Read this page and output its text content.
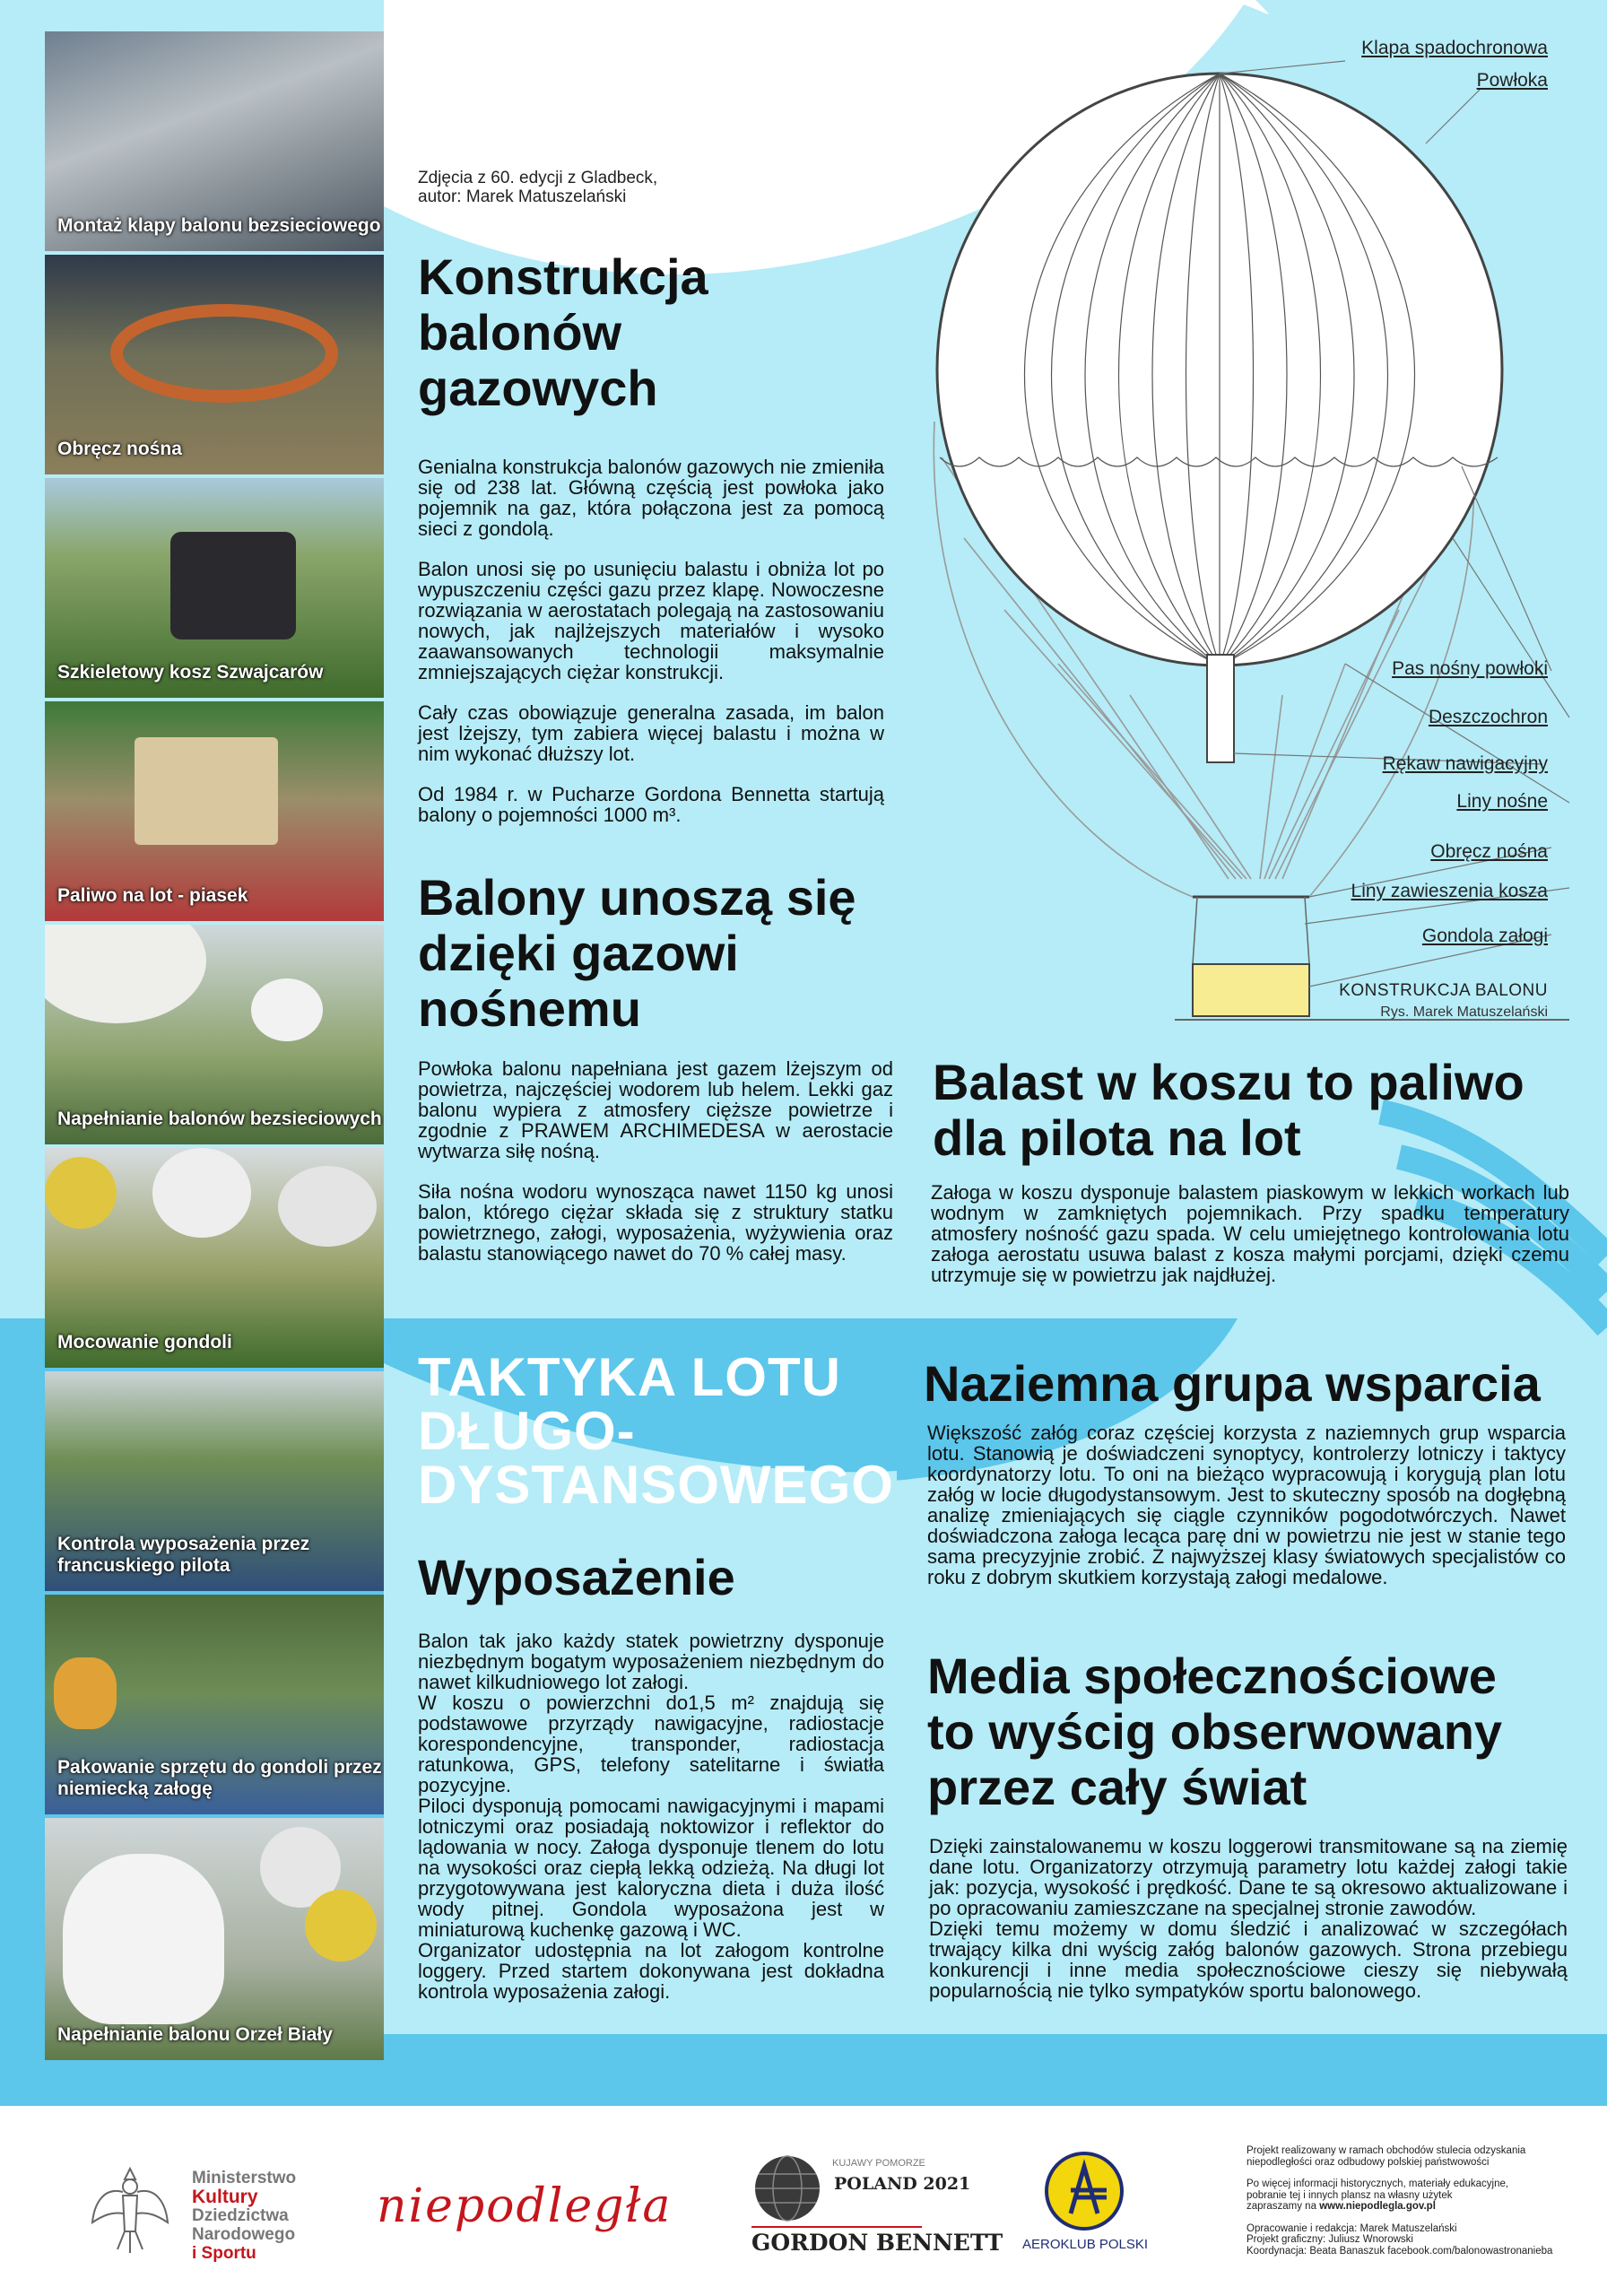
Montaż klapy balonu bezsieciowego
Obręcz nośna
Szkieletowy kosz Szwajcarów
Paliwo na lot - piasek
Napełnianie balonów bezsieciowych
Mocowanie gondoli
Kontrola wyposażenia przez francuskiego pilota
Pakowanie sprzętu do gondoli przez niemiecką załogę
Napełnianie balonu Orzeł Biały
TECHNIKA KULISTYCH
AEROSTATÓW
Zdjęcia z 60. edycji z Gladbeck,
autor: Marek Matuszelański
Konstrukcja
balonów
gazowych

Genialna konstrukcja balonów gazowych nie zmieniła się od 238 lat. Główną częścią jest powłoka jako pojemnik na gaz, która połączona jest za pomocą sieci z gondolą.

Balon unosi się po usunięciu balastu i obniża lot po wypuszczeniu części gazu przez klapę. Nowoczesne rozwiązania w aerostatach polegają na zastosowaniu nowych, jak najlżejszych materiałów i wysoko zaawansowanych technologii maksymalnie zmniejszających ciężar konstrukcji.

Cały czas obowiązuje generalna zasada, im balon jest lżejszy, tym zabiera więcej balastu i można w nim wykonać dłuższy lot.

Od 1984 r. w Pucharze Gordona Bennetta startują balony o pojemności 1000 m³.

Balony unoszą się
dzięki gazowi
nośnemu

Powłoka balonu napełniana jest gazem lżejszym od powietrza, najczęściej wodorem lub helem. Lekki gaz balonu wypiera z atmosfery cięższe powietrze i zgodnie z PRAWEM ARCHIMEDESA w aerostacie wytwarza siłę nośną.

Siła nośna wodoru wynosząca nawet 1150 kg unosi balon, którego ciężar składa się z struktury statku powietrznego, załogi, wyposażenia, wyżywienia oraz balastu stanowiącego nawet do 70 % całej masy.

Klapa spadochronowa
Powłoka
Pas nośny powłoki
Deszczochron
Rękaw nawigacyjny
Liny nośne
Obręcz nośna
Liny zawieszenia kosza
Gondola załogi
KONSTRUKCJA BALONU
Rys. Marek Matuszelański
Balast w koszu to paliwo
dla pilota na lot

Załoga w koszu dysponuje balastem piaskowym w lekkich workach lub wodnym w zamkniętych pojemnikach. Przy spadku temperatury atmosfery nośność gazu spada. W celu umiejętnego kontrolowania lotu załoga aerostatu usuwa balast z kosza małymi porcjami, dzięki czemu utrzymuje się w powietrzu jak najdłużej.

TAKTYKA LOTU
DŁUGO-
DYSTANSOWEGO
Wyposażenie
Balon tak jako każdy statek powietrzny dysponuje niezbędnym bogatym wyposażeniem niezbędnym do nawet kilkudniowego lot załogi.
W koszu o powierzchni do1,5 m² znajdują się podstawowe przyrządy nawigacyjne, radiostacje korespondencyjne, transponder, radiostacja ratunkowa, GPS, telefony satelitarne i światła pozycyjne.
Piloci dysponują pomocami nawigacyjnymi i mapami lotniczymi oraz posiadają noktowizor i reflektor do lądowania w nocy. Załoga dysponuje tlenem do lotu na wysokości oraz ciepłą lekką odzieżą. Na długi lot przygotowywana jest kaloryczna dieta i duża ilość wody pitnej. Gondola wyposażona jest w miniaturową kuchenkę gazową i WC.
Organizator udostępnia na lot załogom kontrolne loggery. Przed startem dokonywana jest dokładna kontrola wyposażenia załogi.
Naziemna grupa wsparcia

Większość załóg coraz częściej korzysta z naziemnych grup wsparcia lotu. Stanowią je doświadczeni synoptycy, kontrolerzy lotniczy i taktycy koordynatorzy lotu. To oni na bieżąco wypracowują i korygują plan lotu załóg w locie długodystansowym. Jest to skuteczny sposób na dogłębną analizę zmieniających się ciągle czynników pogodotwórczych. Nawet doświadczona załoga lecąca parę dni w powietrzu nie jest w stanie tego sama precyzyjnie zrobić. Z najwyższej klasy światowych specjalistów co roku z dobrym skutkiem korzystają załogi medalowe.

Media społecznościowe
to wyścig obserwowany
przez cały świat
Dzięki zainstalowanemu w koszu loggerowi transmitowane są na ziemię dane lotu. Organizatorzy otrzymują parametry lotu każdej załogi takie jak: pozycja, wysokość i prędkość. Dane te są okresowo aktualizowane i po opracowaniu zamieszczane na specjalnej stronie zawodów.
Dzięki temu możemy w domu śledzić i analizować w szczegółach trwający kilka dni wyścig załóg balonów gazowych. Strona przebiegu konkurencji i inne media społecznościowe cieszy się niebywałą popularnością nie tylko sympatyków sportu balonowego.
Ministerstwo
Kultury
Dziedzictwa
Narodowego
i Sportu
niepodległa
KUJAWY POMORZE
POLAND 2021
GORDON BENNETT AEROKLUB POLSKI
Projekt realizowany w ramach obchodów stulecia odzyskania
niepodległości oraz odbudowy polskiej państwowości
Po więcej informacji historycznych, materiały edukacyjne,
pobranie tej i innych plansz na własny użytek
zapraszamy na www.niepodlegla.gov.pl
Opracowanie i redakcja: Marek Matuszelański
Projekt graficzny: Juliusz Wnorowski
Koordynacja: Beata Banaszuk facebook.com/balonowastronanieba
